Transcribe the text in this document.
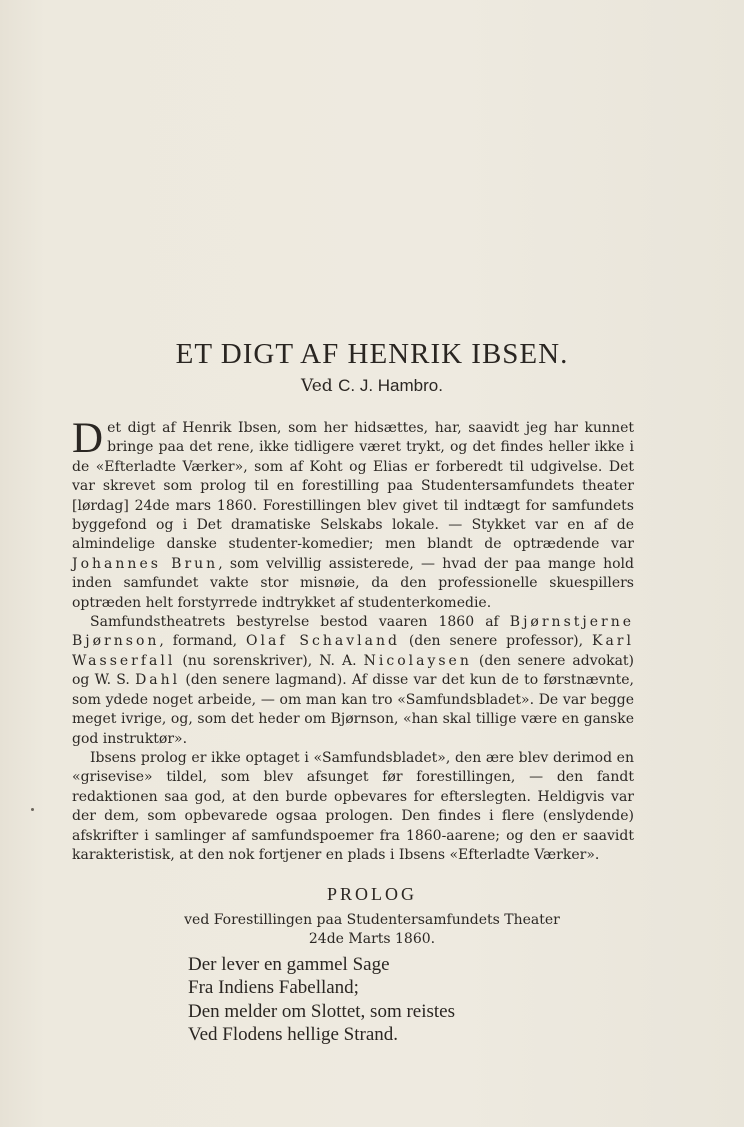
ET DIGT AF HENRIK IBSEN.
Ved C. J. Hambro.

Det digt af Henrik Ibsen, som her hidsættes, har, saavidt jeg har kunnet bringe paa det rene, ikke tidligere været trykt, og det findes heller ikke i de «Efterladte Værker», som af Koht og Elias er forberedt til udgivelse. Det var skrevet som prolog til en forestilling paa Studentersamfundets theater [lørdag] 24de mars 1860. Forestillingen blev givet til indtægt for samfundets byggefond og i Det dramatiske Selskabs lokale. — Stykket var en af de almindelige danske studenter-komedier; men blandt de optrædende var Johannes Brun, som velvillig assisterede, — hvad der paa mange hold inden samfundet vakte stor misnøie, da den professionelle skuespillers optræden helt forstyrrede indtrykket af studenterkomedie.

Samfundstheatrets bestyrelse bestod vaaren 1860 af Bjørnstjerne Bjørnson, formand, Olaf Schavland (den senere professor), Karl Wasserfall (nu sorenskriver), N. A. Nicolaysen (den senere advokat) og W. S. Dahl (den senere lagmand). Af disse var det kun de to førstnævnte, som ydede noget arbeide, — om man kan tro «Samfundsbladet». De var begge meget ivrige, og, som det heder om Bjørnson, «han skal tillige være en ganske god instruktør».

Ibsens prolog er ikke optaget i «Samfundsbladet», den ære blev derimod en «grisevise» tildel, som blev afsunget før forestillingen, — den fandt redaktionen saa god, at den burde opbevares for efterslegten. Heldigvis var der dem, som opbevarede ogsaa prologen. Den findes i flere (enslydende) afskrifter i samlinger af samfundspoemer fra 1860-aarene; og den er saavidt karakteristisk, at den nok fortjener en plads i Ibsens «Efterladte Værker».

PROLOG
ved Forestillingen paa Studentersamfundets Theater
24de Marts 1860.
Der lever en gammel Sage
Fra Indiens Fabelland;
Den melder om Slottet, som reistes
Ved Flodens hellige Strand.
